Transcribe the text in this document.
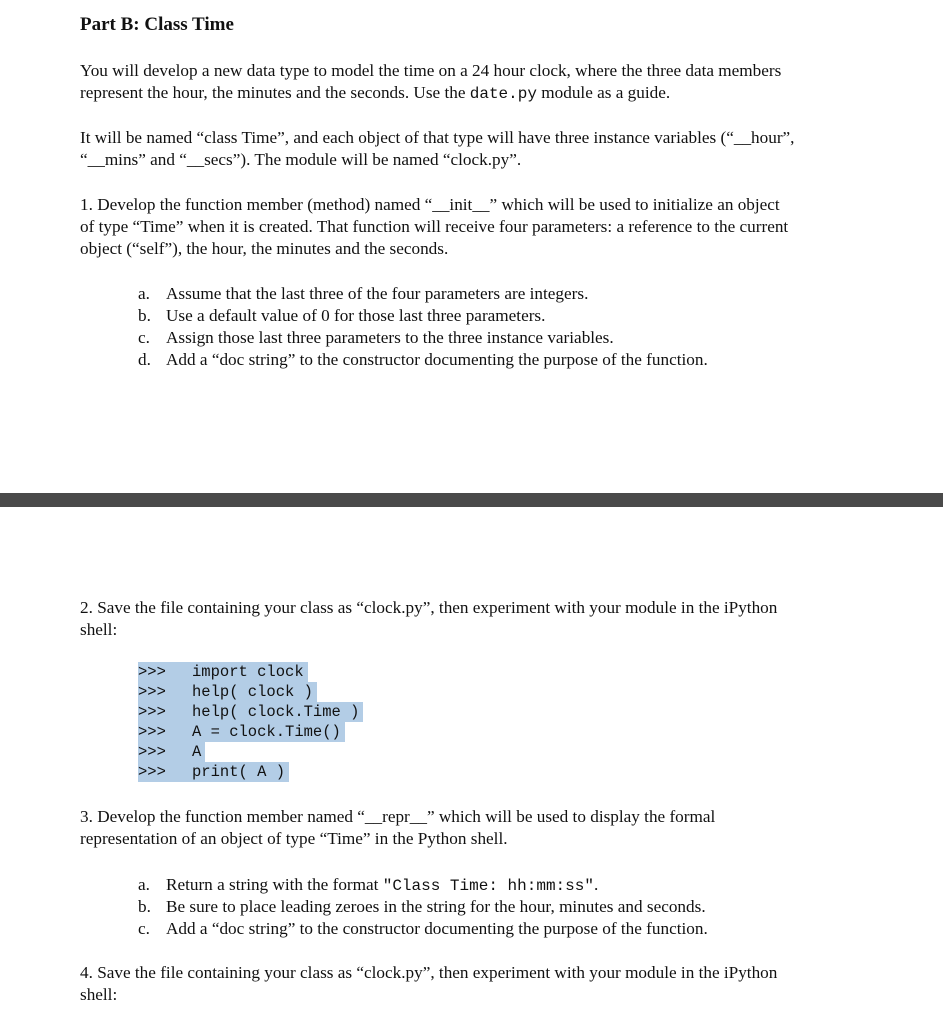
Part B: Class Time
You will develop a new data type to model the time on a 24 hour clock, where the three data members
represent the hour, the minutes and the seconds. Use the date.py module as a guide.
It will be named “class Time”, and each object of that type will have three instance variables (“__hour”,
“__mins” and “__secs”). The module will be named “clock.py”.
1. Develop the function member (method) named “__init__” which will be used to initialize an object
of type “Time” when it is created. That function will receive four parameters: a reference to the current
object (“self”), the hour, the minutes and the seconds.
a. Assume that the last three of the four parameters are integers.
b. Use a default value of 0 for those last three parameters.
c. Assign those last three parameters to the three instance variables.
d. Add a “doc string” to the constructor documenting the purpose of the function.
2. Save the file containing your class as “clock.py”, then experiment with your module in the iPython
shell:
>>>	import clock
>>>	help( clock )
>>>	help( clock.Time )
>>>	A = clock.Time()
>>>	A
>>>	print( A )
3. Develop the function member named “__repr__” which will be used to display the formal
representation of an object of type “Time” in the Python shell.
a. Return a string with the format "Class Time: hh:mm:ss".
b. Be sure to place leading zeroes in the string for the hour, minutes and seconds.
c. Add a “doc string” to the constructor documenting the purpose of the function.
4. Save the file containing your class as “clock.py”, then experiment with your module in the iPython
shell:
